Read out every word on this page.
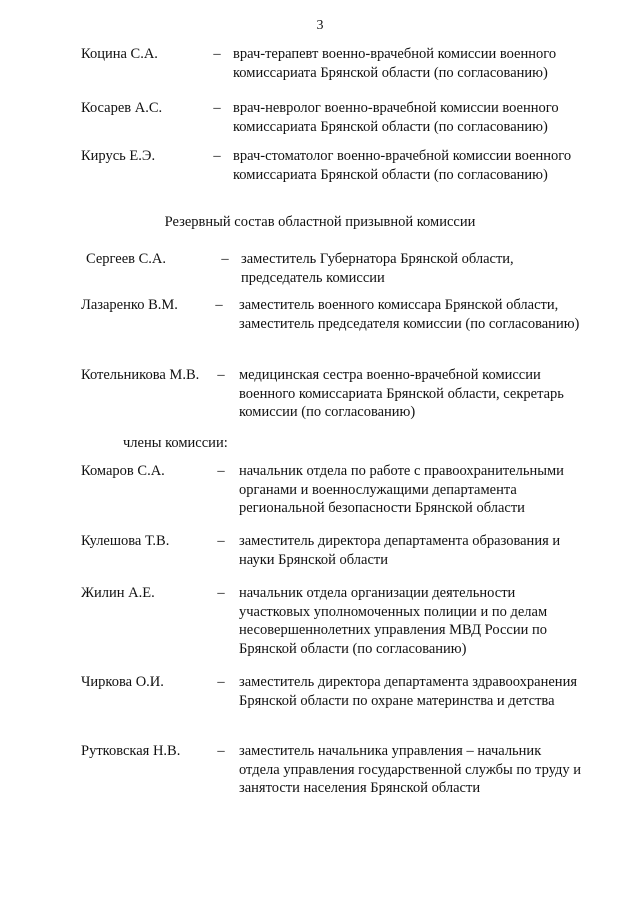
3
Коцина С.А.	– врач-терапевт военно-врачебной комиссии военного комиссариата Брянской области (по согласованию)
Косарев А.С.	– врач-невролог военно-врачебной комиссии военного комиссариата Брянской области (по согласованию)
Кирусь Е.Э.	– врач-стоматолог военно-врачебной комиссии военного комиссариата Брянской области (по согласованию)
Резервный состав областной призывной комиссии
Сергеев С.А.	– заместитель Губернатора Брянской области, председатель комиссии
Лазаренко В.М.	– заместитель военного комиссара Брянской области, заместитель председателя комиссии (по согласованию)
Котельникова М.В. – медицинская сестра военно-врачебной комиссии военного комиссариата Брянской области, секретарь комиссии (по согласованию)
члены комиссии:
Комаров С.А.	– начальник отдела по работе с правоохранительными органами и военнослужащими департамента региональной безопасности Брянской области
Кулешова Т.В.	– заместитель директора департамента образования и науки Брянской области
Жилин А.Е.	– начальник отдела организации деятельности участковых уполномоченных полиции и по делам несовершеннолетних управления МВД России по Брянской области (по согласованию)
Чиркова О.И.	– заместитель директора департамента здравоохранения Брянской области по охране материнства и детства
Рутковская Н.В.	– заместитель начальника управления – начальник отдела управления государственной службы по труду и занятости населения Брянской области
